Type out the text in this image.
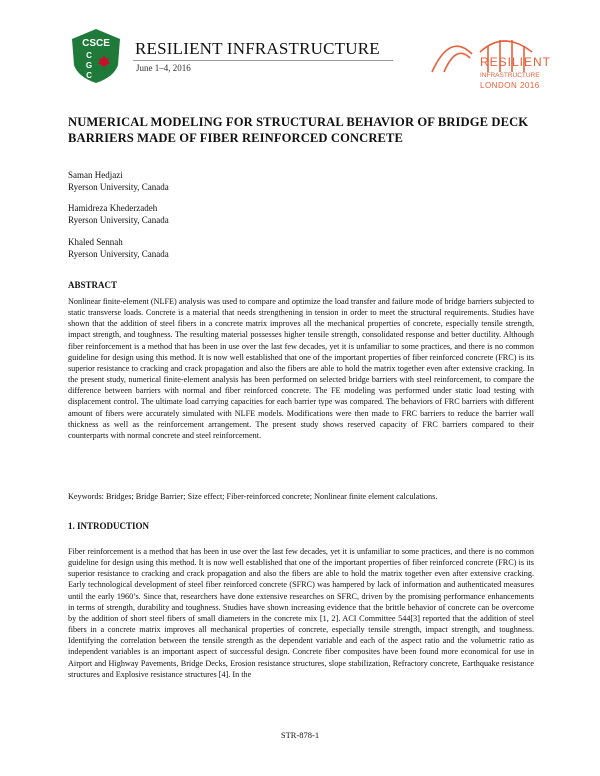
CSCE
C
G
C
RESILIENT INFRASTRUCTURE
June 1–4, 2016	RESILIENT
INFRASTRUCTURE
LONDON 2016
NUMERICAL MODELING FOR STRUCTURAL BEHAVIOR OF BRIDGE DECK BARRIERS MADE OF FIBER REINFORCED CONCRETE
Saman Hedjazi
Ryerson University, Canada
Hamidreza Khederzadeh
Ryerson University, Canada
Khaled Sennah
Ryerson University, Canada
ABSTRACT
Nonlinear finite-element (NLFE) analysis was used to compare and optimize the load transfer and failure mode of bridge barriers subjected to static transverse loads. Concrete is a material that needs strengthening in tension in order to meet the structural requirements. Studies have shown that the addition of steel fibers in a concrete matrix improves all the mechanical properties of concrete, especially tensile strength, impact strength, and toughness. The resulting material possesses higher tensile strength, consolidated response and better ductility. Although fiber reinforcement is a method that has been in use over the last few decades, yet it is unfamiliar to some practices, and there is no common guideline for design using this method. It is now well established that one of the important properties of fiber reinforced concrete (FRC) is its superior resistance to cracking and crack propagation and also the fibers are able to hold the matrix together even after extensive cracking. In the present study, numerical finite-element analysis has been performed on selected bridge barriers with steel reinforcement, to compare the difference between barriers with normal and fiber reinforced concrete. The FE modeling was performed under static load testing with displacement control. The ultimate load carrying capacities for each barrier type was compared. The behaviors of FRC barriers with different amount of fibers were accurately simulated with NLFE models. Modifications were then made to FRC barriers to reduce the barrier wall thickness as well as the reinforcement arrangement. The present study shows reserved capacity of FRC barriers compared to their counterparts with normal concrete and steel reinforcement.
Keywords: Bridges; Bridge Barrier; Size effect; Fiber-reinforced concrete; Nonlinear finite element calculations.
1. INTRODUCTION
Fiber reinforcement is a method that has been in use over the last few decades, yet it is unfamiliar to some practices, and there is no common guideline for design using this method. It is now well established that one of the important properties of fiber reinforced concrete (FRC) is its superior resistance to cracking and crack propagation and also the fibers are able to hold the matrix together even after extensive cracking. Early technological development of steel fiber reinforced concrete (SFRC) was hampered by lack of information and authenticated measures until the early 1960’s. Since that, researchers have done extensive researches on SFRC, driven by the promising performance enhancements in terms of strength, durability and toughness. Studies have shown increasing evidence that the brittle behavior of concrete can be overcome by the addition of short steel fibers of small diameters in the concrete mix [1, 2]. ACI Committee 544[3] reported that the addition of steel fibers in a concrete matrix improves all mechanical properties of concrete, especially tensile strength, impact strength, and toughness. Identifying the correlation between the tensile strength as the dependent variable and each of the aspect ratio and the volumetric ratio as independent variables is an important aspect of successful design. Concrete fiber composites have been found more economical for use in Airport and Highway Pavements, Bridge Decks, Erosion resistance structures, slope stabilization, Refractory concrete, Earthquake resistance structures and Explosive resistance structures [4]. In the
STR-878-1
